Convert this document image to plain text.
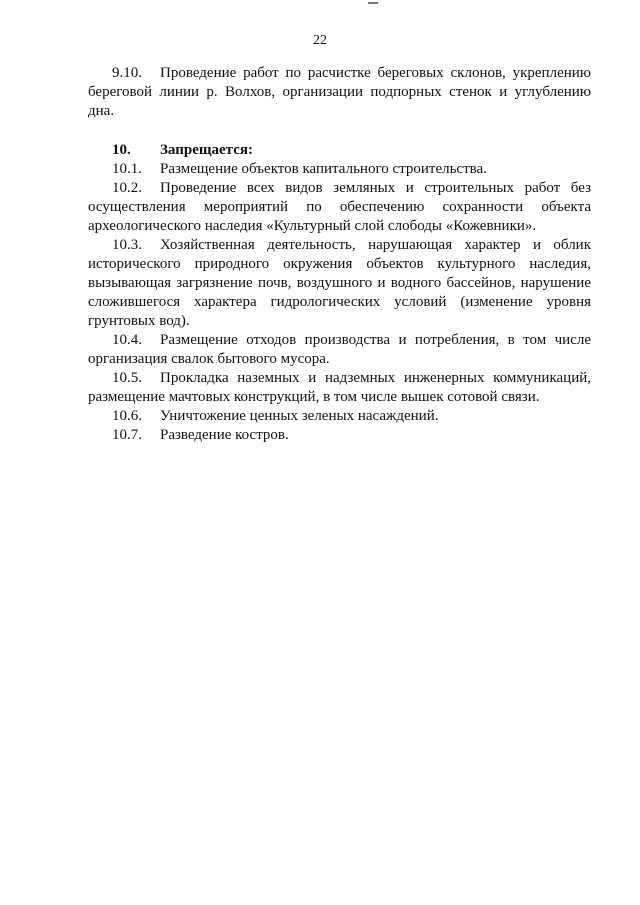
22

9.10. Проведение работ по расчистке береговых склонов, укреплению береговой линии р. Волхов, организации подпорных стенок и углублению дна.

10. Запрещается:

10.1. Размещение объектов капитального строительства.

10.2. Проведение всех видов земляных и строительных работ без осуществления мероприятий по обеспечению сохранности объекта археологического наследия «Культурный слой слободы «Кожевники».

10.3. Хозяйственная деятельность, нарушающая характер и облик исторического природного окружения объектов культурного наследия, вызывающая загрязнение почв, воздушного и водного бассейнов, нарушение сложившегося характера гидрологических условий (изменение уровня грунтовых вод).

10.4. Размещение отходов производства и потребления, в том числе организация свалок бытового мусора.

10.5. Прокладка наземных и надземных инженерных коммуникаций, размещение мачтовых конструкций, в том числе вышек сотовой связи.

10.6. Уничтожение ценных зеленых насаждений.

10.7. Разведение костров.
